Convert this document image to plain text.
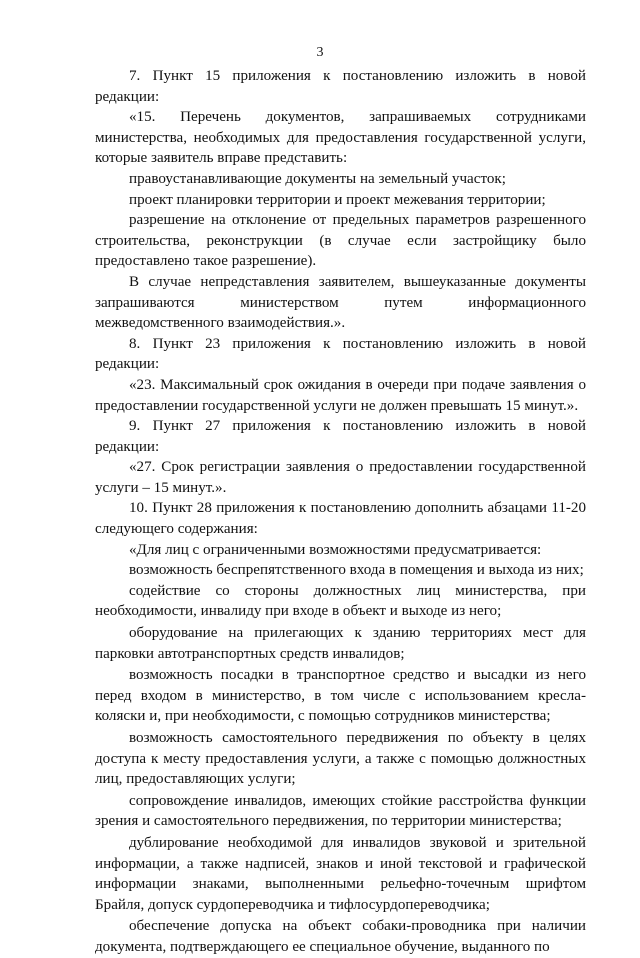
3

7. Пункт 15 приложения к постановлению изложить в новой редакции:

«15. Перечень документов, запрашиваемых сотрудниками министерства, необходимых для предоставления государственной услуги, которые заявитель вправе представить:

правоустанавливающие документы на земельный участок;

проект планировки территории и проект межевания территории;

разрешение на отклонение от предельных параметров разрешенного строительства, реконструкции (в случае если застройщику было предоставлено такое разрешение).

В случае непредставления заявителем, вышеуказанные документы запрашиваются министерством путем информационного межведомственного взаимодействия.».

8. Пункт 23 приложения к постановлению изложить в новой редакции:

«23. Максимальный срок ожидания в очереди при подаче заявления о предоставлении государственной услуги не должен превышать 15 минут.».

9. Пункт 27 приложения к постановлению изложить в новой редакции:

«27. Срок регистрации заявления о предоставлении государственной услуги – 15 минут.».

10. Пункт 28 приложения к постановлению дополнить абзацами 11-20 следующего содержания:

«Для лиц с ограниченными возможностями предусматривается:

возможность беспрепятственного входа в помещения и выхода из них;

содействие со стороны должностных лиц министерства, при необходимости, инвалиду при входе в объект и выходе из него;

оборудование на прилегающих к зданию территориях мест для парковки автотранспортных средств инвалидов;

возможность посадки в транспортное средство и высадки из него перед входом в министерство, в том числе с использованием кресла-коляски и, при необходимости, с помощью сотрудников министерства;

возможность самостоятельного передвижения по объекту в целях доступа к месту предоставления услуги, а также с помощью должностных лиц, предоставляющих услуги;

сопровождение инвалидов, имеющих стойкие расстройства функции зрения и самостоятельного передвижения, по территории министерства;

дублирование необходимой для инвалидов звуковой и зрительной информации, а также надписей, знаков и иной текстовой и графической информации знаками, выполненными рельефно-точечным шрифтом Брайля, допуск сурдопереводчика и тифлосурдопереводчика;

обеспечение допуска на объект собаки-проводника при наличии документа, подтверждающего ее специальное обучение, выданного по
